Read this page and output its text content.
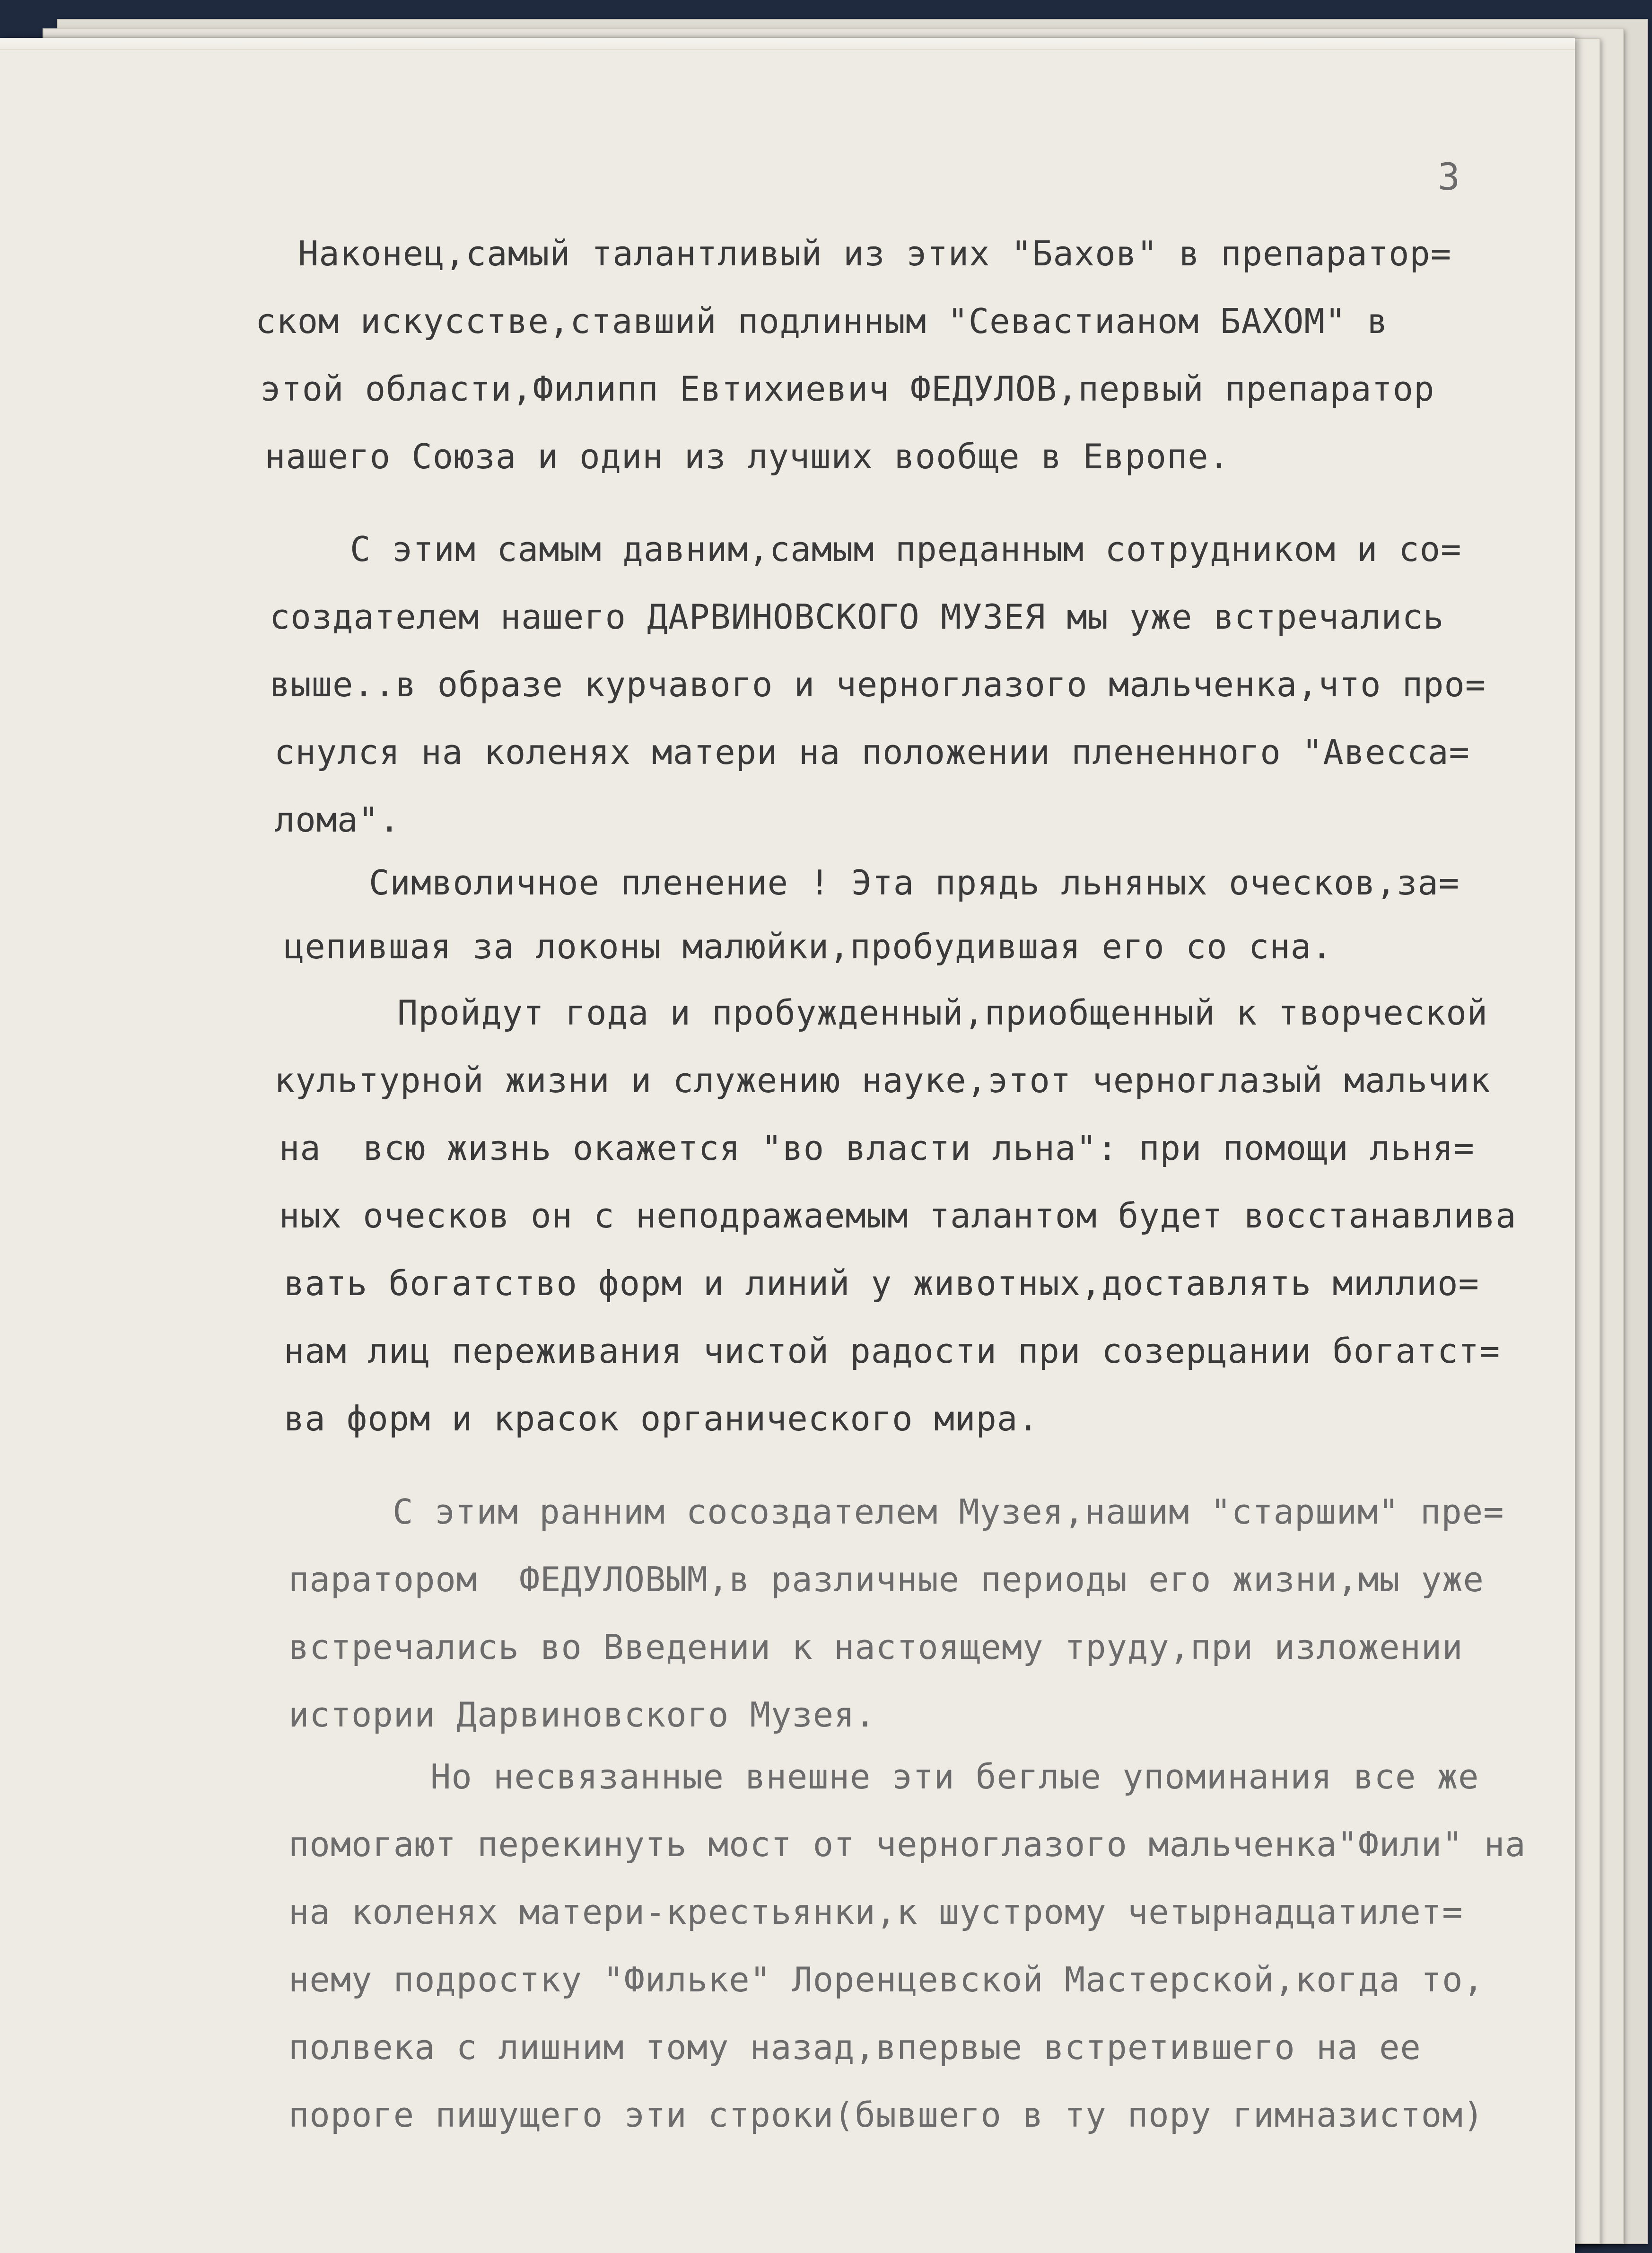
3
Наконец,самый талантливый из этих "Бахов" в препаратор=
ском искусстве,ставший подлинным "Севастианом БАХОМ" в
этой области,Филипп Евтихиевич ФЕДУЛОВ,первый препаратор
нашего Союза и один из лучших вообще в Европе.
С этим самым давним,самым преданным сотрудником и со=
создателем нашего ДАРВИНОВСКОГО МУЗЕЯ мы уже встречались
выше..в образе курчавого и черноглазого мальченка,что про=
снулся на коленях матери на положении плененного "Авесса=
лома".
Символичное пленение ! Эта прядь льняных оческов,за=
цепившая за локоны малюйки,пробудившая его со сна.
Пройдут года и пробужденный,приобщенный к творческой
культурной жизни и служению науке,этот черноглазый мальчик
на  всю жизнь окажется "во власти льна": при помощи льня=
ных оческов он с неподражаемым талантом будет восстанавлива
вать богатство форм и линий у животных,доставлять миллио=
нам лиц переживания чистой радости при созерцании богатст=
ва форм и красок органического мира.
С этим ранним сосоздателем Музея,нашим "старшим" пре=
паратором  ФЕДУЛОВЫМ,в различные периоды его жизни,мы уже
встречались во Введении к настоящему труду,при изложении
истории Дарвиновского Музея.
Но несвязанные внешне эти беглые упоминания все же
помогают перекинуть мост от черноглазого мальченка"Фили" на
на коленях матери-крестьянки,к шустрому четырнадцатилет=
нему подростку "Фильке" Лоренцевской Мастерской,когда то,
полвека с лишним тому назад,впервые встретившего на ее
пороге пишущего эти строки(бывшего в ту пору гимназистом)
